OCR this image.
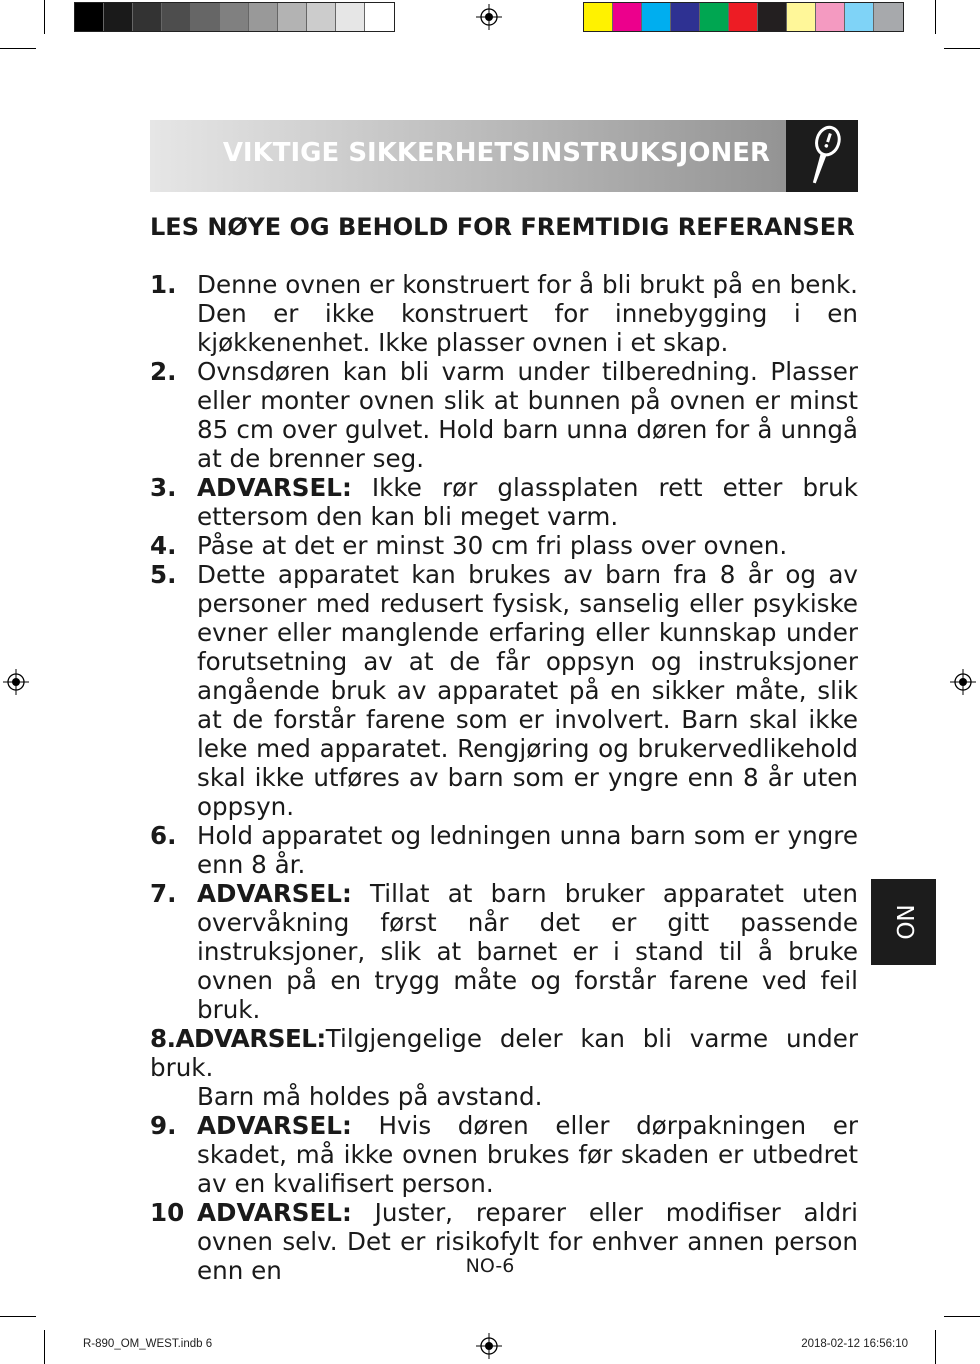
VIKTIGE SIKKERHETSINSTRUKSJONER
LES NØYE OG BEHOLD FOR FREMTIDIG REFERANSER
1. Denne ovnen er konstruert for å bli brukt på en benk. Den er ikke konstruert for innebygging i en kjøkkenenhet. Ikke plasser ovnen i et skap.
2. Ovnsdøren kan bli varm under tilberedning. Plasser eller monter ovnen slik at bunnen på ovnen er minst 85 cm over gulvet. Hold barn unna døren for å unngå at de brenner seg.
3. ADVARSEL: Ikke rør glassplaten rett etter bruk ettersom den kan bli meget varm.
4. Påse at det er minst 30 cm fri plass over ovnen.
5. Dette apparatet kan brukes av barn fra 8 år og av personer med redusert fysisk, sanselig eller psykiske evner eller manglende erfaring eller kunnskap under forutsetning av at de får oppsyn og instruksjoner angående bruk av apparatet på en sikker måte, slik at de forstår farene som er involvert. Barn skal ikke leke med apparatet. Rengjøring og brukervedlikehold skal ikke utføres av barn som er yngre enn 8 år uten oppsyn.
6. Hold apparatet og ledningen unna barn som er yngre enn 8 år.
7. ADVARSEL: Tillat at barn bruker apparatet uten overvåkning først når det er gitt passende instruksjoner, slik at barnet er i stand til å bruke ovnen på en trygg måte og forstår farene ved feil bruk.
8.ADVARSEL:Tilgjengelige deler kan bli varme under bruk.
Barn må holdes på avstand.
9. ADVARSEL: Hvis døren eller dørpakningen er skadet, må ikke ovnen brukes før skaden er utbedret av en kvalifisert person.
10 ADVARSEL: Juster, reparer eller modifiser aldri ovnen selv. Det er risikofylt for enhver annen person enn en
NO
NO-6
R-890_OM_WEST.indb 6	2018-02-12 16:56:10
